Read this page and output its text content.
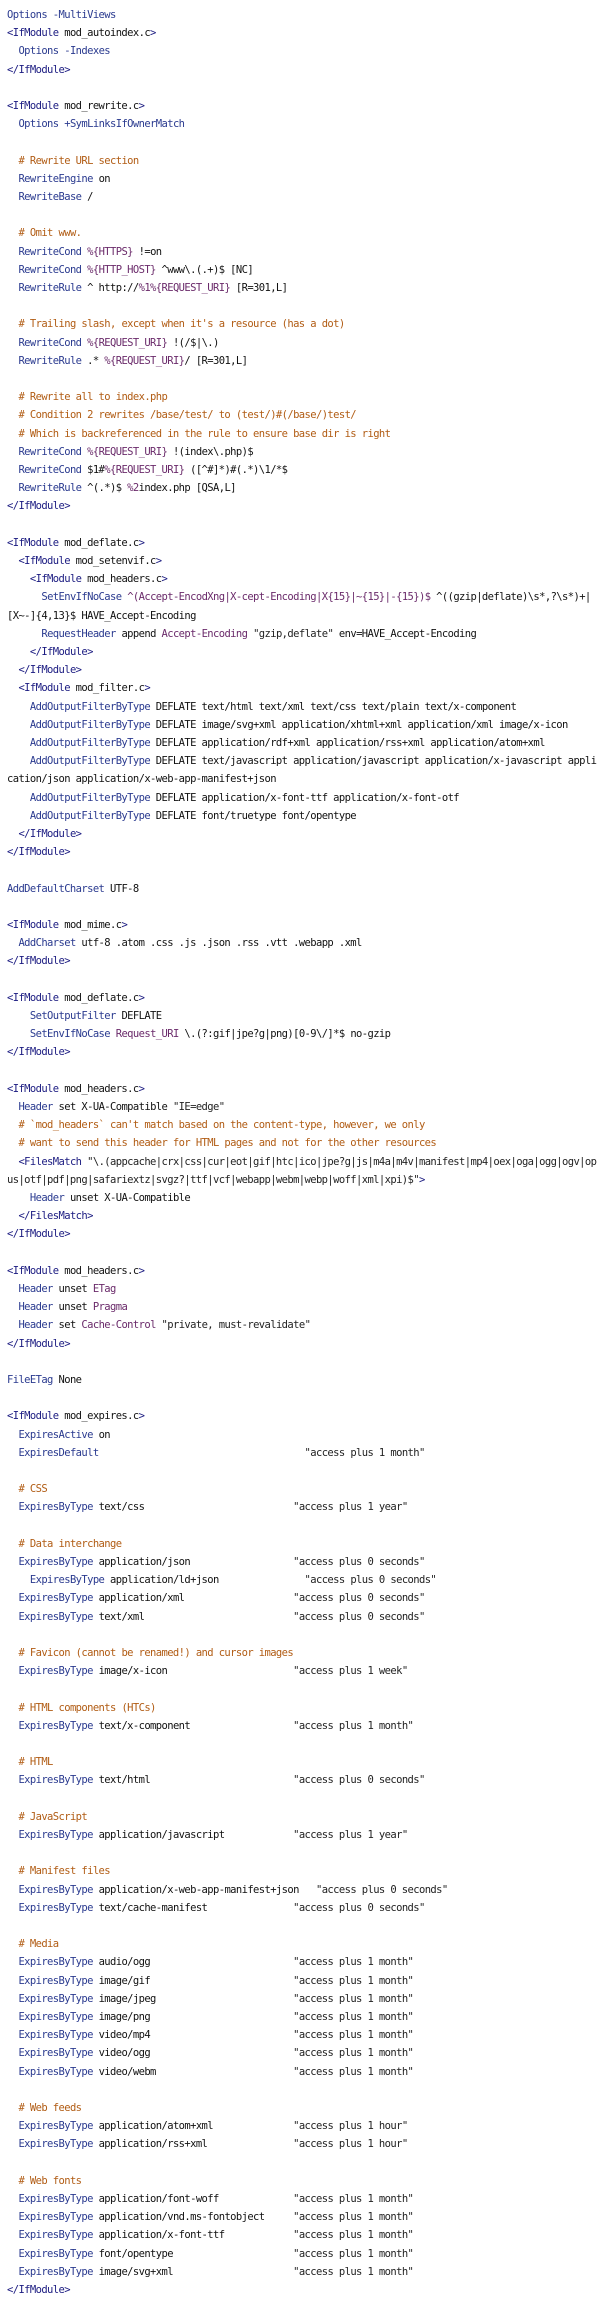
Options -MultiViews
<IfModule mod_autoindex.c>
Options -Indexes
</IfModule>
<IfModule mod_rewrite.c>
Options +SymLinksIfOwnerMatch
# Rewrite URL section
RewriteEngine on
RewriteBase /
# Omit www.
RewriteCond %{HTTPS} !=on
RewriteCond %{HTTP_HOST} ^www\.(.+)$ [NC]
RewriteRule ^ http://%1%{REQUEST_URI} [R=301,L]
# Trailing slash, except when it's a resource (has a dot)
RewriteCond %{REQUEST_URI} !(/$|\.)
RewriteRule .* %{REQUEST_URI}/ [R=301,L]
# Rewrite all to index.php
# Condition 2 rewrites /base/test/ to (test/)#(/base/)test/
# Which is backreferenced in the rule to ensure base dir is right
RewriteCond %{REQUEST_URI} !(index\.php)$
RewriteCond $1#%{REQUEST_URI} ([^#]*)#(.*)\1/*$
RewriteRule ^(.*)$ %2index.php [QSA,L]
</IfModule>
<IfModule mod_deflate.c>
<IfModule mod_setenvif.c>
<IfModule mod_headers.c>
SetEnvIfNoCase ^(Accept-EncodXng|X-cept-Encoding|X{15}|~{15}|-{15})$ ^((gzip|deflate)\s*,?\s*)+|[X~-]{4,13}$ HAVE_Accept-Encoding
RequestHeader append Accept-Encoding "gzip,deflate" env=HAVE_Accept-Encoding
</IfModule>
</IfModule>
<IfModule mod_filter.c>
AddOutputFilterByType DEFLATE text/html text/xml text/css text/plain text/x-component
AddOutputFilterByType DEFLATE image/svg+xml application/xhtml+xml application/xml image/x-icon
AddOutputFilterByType DEFLATE application/rdf+xml application/rss+xml application/atom+xml
AddOutputFilterByType DEFLATE text/javascript application/javascript application/x-javascript application/json application/x-web-app-manifest+json
AddOutputFilterByType DEFLATE application/x-font-ttf application/x-font-otf
AddOutputFilterByType DEFLATE font/truetype font/opentype
</IfModule>
</IfModule>
AddDefaultCharset UTF-8
<IfModule mod_mime.c>
AddCharset utf-8 .atom .css .js .json .rss .vtt .webapp .xml
</IfModule>
<IfModule mod_deflate.c>
SetOutputFilter DEFLATE
SetEnvIfNoCase Request_URI \.(?:gif|jpe?g|png)[0-9\/]*$ no-gzip
</IfModule>
<IfModule mod_headers.c>
Header set X-UA-Compatible "IE=edge"
# `mod_headers` can't match based on the content-type, however, we only
# want to send this header for HTML pages and not for the other resources
<FilesMatch "\.(appcache|crx|css|cur|eot|gif|htc|ico|jpe?g|js|m4a|m4v|manifest|mp4|oex|oga|ogg|ogv|opus|otf|pdf|png|safariextz|svgz?|ttf|vcf|webapp|webm|webp|woff|xml|xpi)$">
Header unset X-UA-Compatible
</FilesMatch>
</IfModule>
<IfModule mod_headers.c>
Header unset ETag
Header unset Pragma
Header set Cache-Control "private, must-revalidate"
</IfModule>
FileETag None
<IfModule mod_expires.c>
ExpiresActive on
ExpiresDefault	"access plus 1 month"
# CSS
ExpiresByType text/css                          "access plus 1 year"
# Data interchange
ExpiresByType application/json                  "access plus 0 seconds"
ExpiresByType application/ld+json               "access plus 0 seconds"
ExpiresByType application/xml                   "access plus 0 seconds"
ExpiresByType text/xml                          "access plus 0 seconds"
# Favicon (cannot be renamed!) and cursor images
ExpiresByType image/x-icon                      "access plus 1 week"
# HTML components (HTCs)
ExpiresByType text/x-component                  "access plus 1 month"
# HTML
ExpiresByType text/html                         "access plus 0 seconds"
# JavaScript
ExpiresByType application/javascript            "access plus 1 year"
# Manifest files
ExpiresByType application/x-web-app-manifest+json   "access plus 0 seconds"
ExpiresByType text/cache-manifest               "access plus 0 seconds"
# Media
ExpiresByType audio/ogg                         "access plus 1 month"
ExpiresByType image/gif                         "access plus 1 month"
ExpiresByType image/jpeg                        "access plus 1 month"
ExpiresByType image/png                         "access plus 1 month"
ExpiresByType video/mp4                         "access plus 1 month"
ExpiresByType video/ogg                         "access plus 1 month"
ExpiresByType video/webm                        "access plus 1 month"
# Web feeds
ExpiresByType application/atom+xml              "access plus 1 hour"
ExpiresByType application/rss+xml               "access plus 1 hour"
# Web fonts
ExpiresByType application/font-woff             "access plus 1 month"
ExpiresByType application/vnd.ms-fontobject     "access plus 1 month"
ExpiresByType application/x-font-ttf            "access plus 1 month"
ExpiresByType font/opentype                     "access plus 1 month"
ExpiresByType image/svg+xml                     "access plus 1 month"
</IfModule>
